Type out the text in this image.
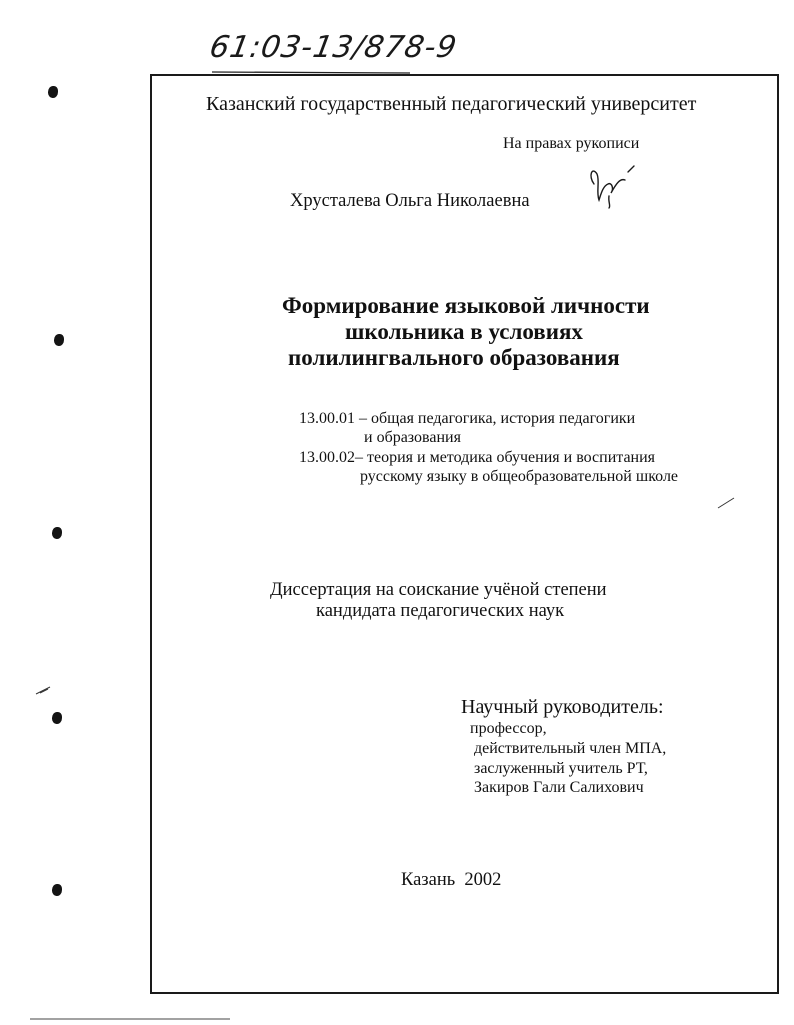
61:03-13/878-9
Казанский государственный педагогический университет
На правах рукописи
Хрусталева Ольга Николаевна
Формирование языковой личности
школьника в условиях
полилингвального образования
13.00.01 – общая педагогика, история педагогики
и образования
13.00.02– теория и методика обучения и воспитания
русскому языку в общеобразовательной школе
Диссертация на соискание учёной степени
кандидата педагогических наук
Научный руководитель:
профессор,
действительный член МПА,
заслуженный учитель РТ,
Закиров Гали Салихович
Казань  2002
